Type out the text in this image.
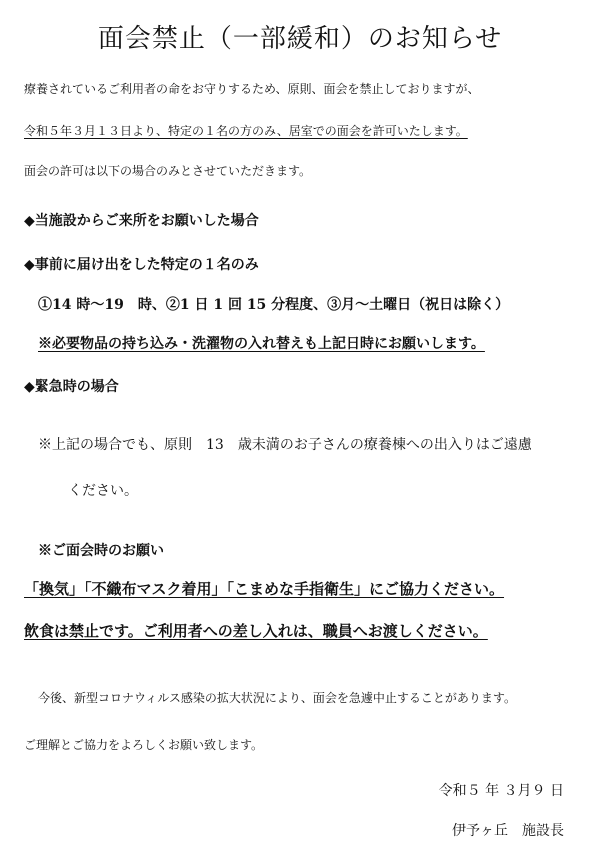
面会禁止（一部緩和）のお知らせ
療養されているご利用者の命をお守りするため、原則、面会を禁止しておりますが、
令和５年３月１３日より、特定の１名の方のみ、居室での面会を許可いたします。
面会の許可は以下の場合のみとさせていただきます。
◆当施設からご来所をお願いした場合
◆事前に届け出をした特定の１名のみ
①14 時～19　時、②1 日 1 回 15 分程度、③月～土曜日（祝日は除く）
※必要物品の持ち込み・洗濯物の入れ替えも上記日時にお願いします。
◆緊急時の場合
※上記の場合でも、原則　13　歳未満のお子さんの療養棟への出入りはご遠慮
ください。
※ご面会時のお願い
「換気」「不織布マスク着用」「こまめな手指衛生」にご協力ください。
飲食は禁止です。ご利用者への差し入れは、職員へお渡しください。
今後、新型コロナウィルス感染の拡大状況により、面会を急遽中止することがあります。
ご理解とご協力をよろしくお願い致します。
令和５ 年 ３月９ 日
伊予ヶ丘　施設長
